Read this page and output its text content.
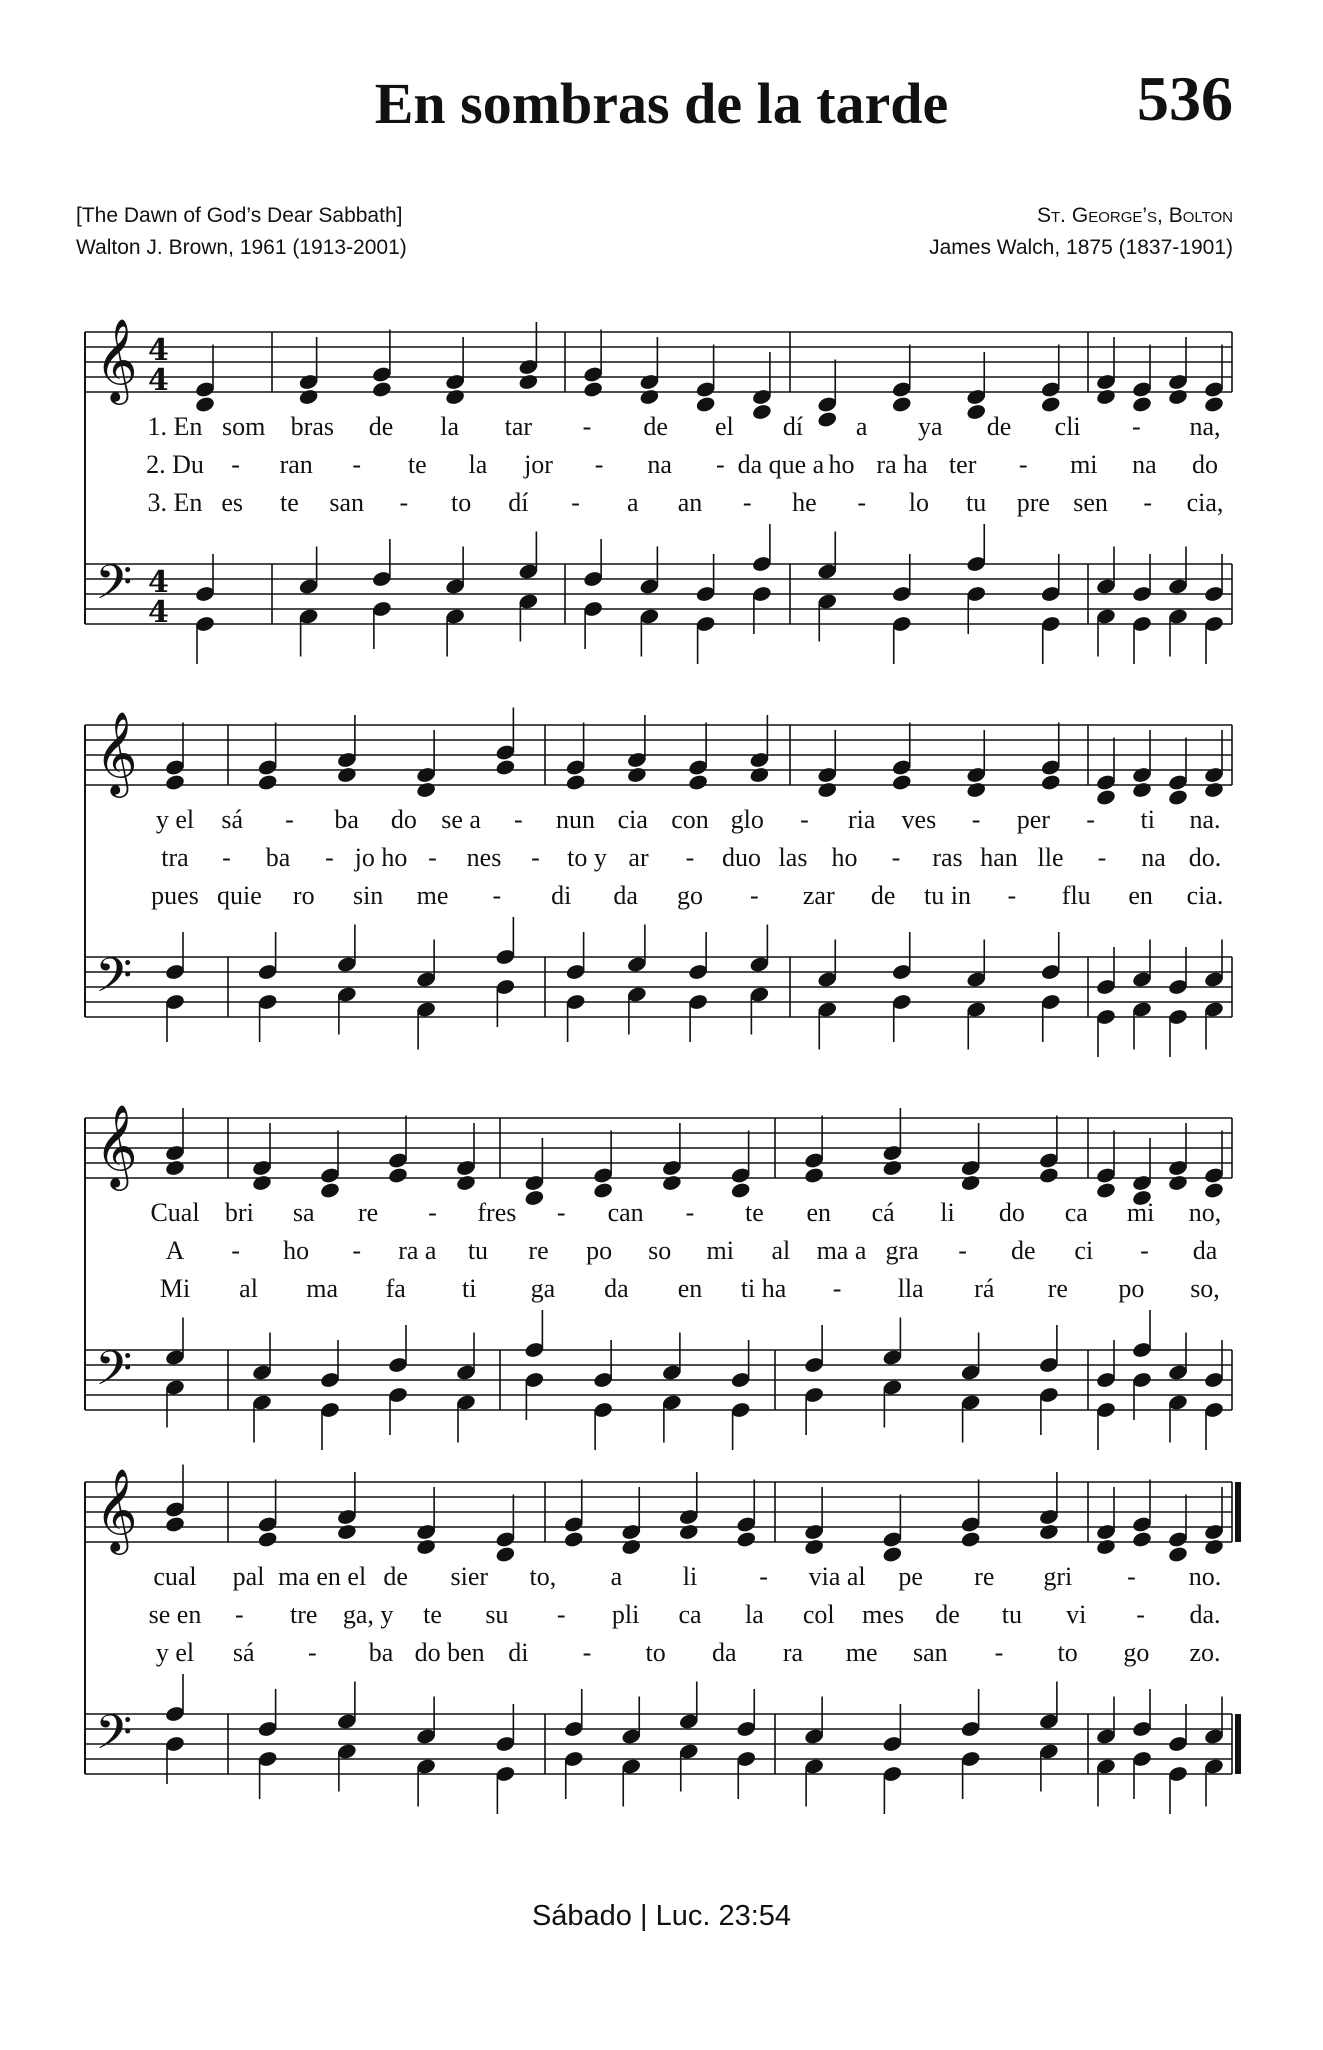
En sombras de la tarde	536
[The Dawn of God’s Dear Sabbath]
Walton J. Brown, 1961 (1913-2001)
St. George’s, Bolton
James Walch, 1875 (1837-1901)
𝄞
𝄢
4
4
4
4
1. En som bras de la tar - de el dí a ya de cli - na,
2. Du - ran - te la jor - na - da que a ho ra ha ter - mi na do
3. En es te san - to dí - a an - he - lo tu pre sen - cia,
𝄞
𝄢
y el sá - ba do se a - nun cia con glo - ria ves - per - ti na.
tra - ba - jo ho - nes - to y ar - duo las ho - ras han lle - na do.
pues quie ro sin me - di da go - zar de tu in - flu en cia.
𝄞
𝄢
Cual bri sa re - fres - can - te en cá li do ca mi no,
A - ho - ra a tu re po so mi al ma a gra - de ci - da
Mi al ma fa ti ga da en ti ha - lla rá re po so,
𝄞
𝄢
cual pal ma en el de sier to, a li - via al pe re gri - no.
se en - tre ga, y te su - pli ca la col mes de tu vi - da.
y el sá - ba do ben di - to da ra me san - to go zo.
Sábado | Luc. 23:54
